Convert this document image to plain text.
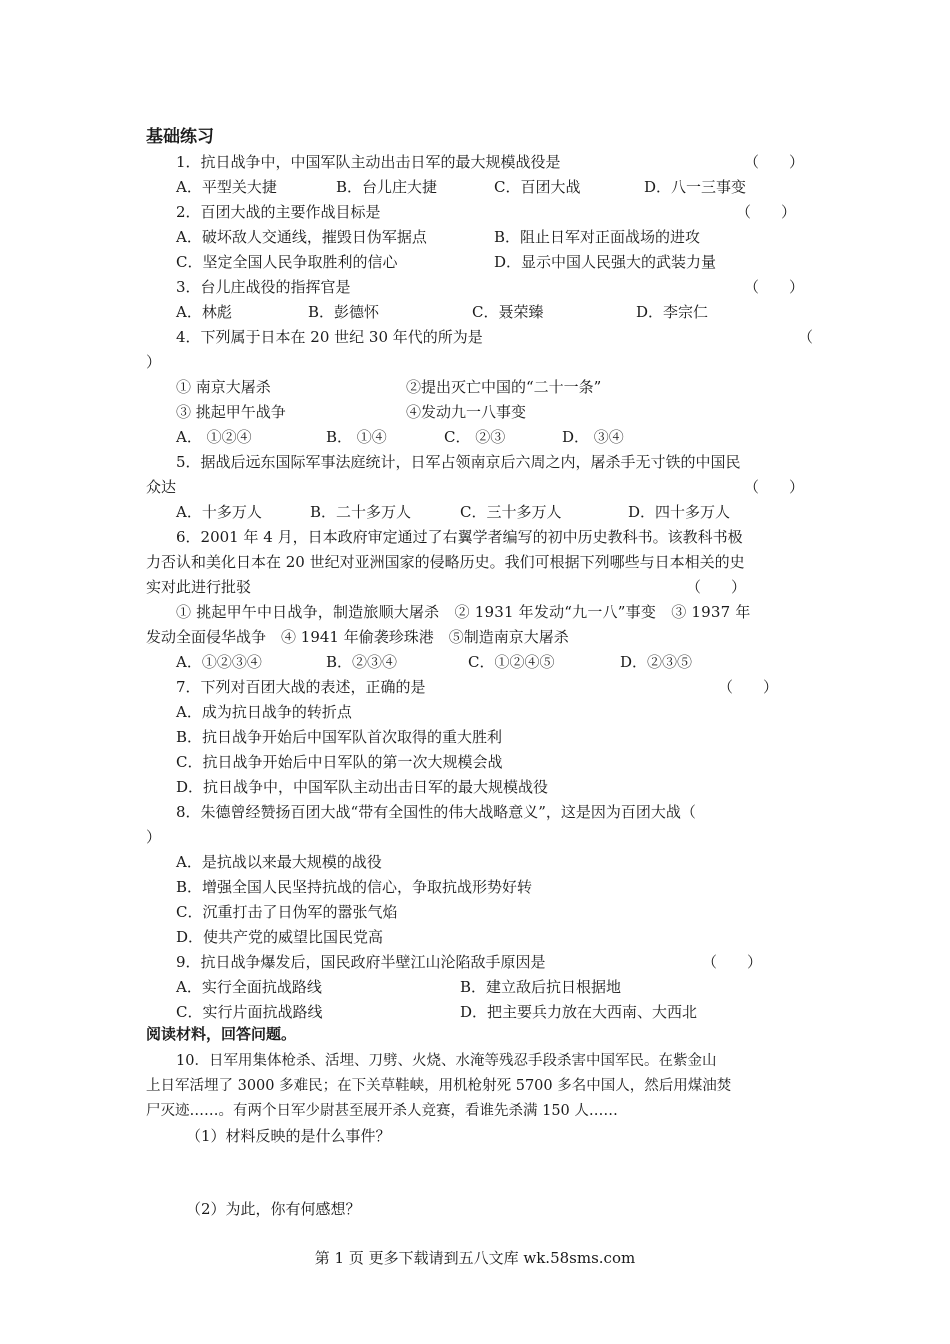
基础练习
1．抗日战争中，中国军队主动出击日军的最大规模战役是	（　　）
A．平型关大捷	B．台儿庄大捷	C．百团大战	D．八一三事变
2．百团大战的主要作战目标是	（　　）
A．破坏敌人交通线，摧毁日伪军据点	B．阻止日军对正面战场的进攻
C．坚定全国人民争取胜利的信心	D．显示中国人民强大的武装力量
3．台儿庄战役的指挥官是	（　　）
A．林彪	B．彭德怀	C．聂荣臻	D．李宗仁
4．下列属于日本在 20 世纪 30 年代的所为是	（
）
① 南京大屠杀	②提出灭亡中国的“二十一条”
③ 挑起甲午战争	④发动九一八事变
A． ①②④	B． ①④	C． ②③	D． ③④
5．据战后远东国际军事法庭统计，日军占领南京后六周之内，屠杀手无寸铁的中国民
众达	（　　）
A．十多万人	B．二十多万人	C．三十多万人	D．四十多万人
6．2001 年 4 月，日本政府审定通过了右翼学者编写的初中历史教科书。该教科书极
力否认和美化日本在 20 世纪对亚洲国家的侵略历史。我们可根据下列哪些与日本相关的史
实对此进行批驳	（　　）
① 挑起甲午中日战争，制造旅顺大屠杀　② 1931 年发动“九一八”事变　③ 1937 年
发动全面侵华战争　④ 1941 年偷袭珍珠港　⑤制造南京大屠杀
A．①②③④	B．②③④	C．①②④⑤	D．②③⑤
7．下列对百团大战的表述，正确的是	（　　）
A．成为抗日战争的转折点
B．抗日战争开始后中国军队首次取得的重大胜利
C．抗日战争开始后中日军队的第一次大规模会战
D．抗日战争中，中国军队主动出击日军的最大规模战役
8．朱德曾经赞扬百团大战“带有全国性的伟大战略意义”，这是因为百团大战（
）
A．是抗战以来最大规模的战役
B．增强全国人民坚持抗战的信心，争取抗战形势好转
C．沉重打击了日伪军的嚣张气焰
D．使共产党的威望比国民党高
9．抗日战争爆发后，国民政府半壁江山沦陷敌手原因是	（　　）
A．实行全面抗战路线	B．建立敌后抗日根据地
C．实行片面抗战路线	D．把主要兵力放在大西南、大西北
阅读材料，回答问题。
10．日军用集体枪杀、活埋、刀劈、火烧、水淹等残忍手段杀害中国军民。在紫金山
上日军活埋了 3000 多难民；在下关草鞋峡，用机枪射死 5700 多名中国人，然后用煤油焚
尸灭迹……。有两个日军少尉甚至展开杀人竞赛，看谁先杀满 150 人……
（1）材料反映的是什么事件？
（2）为此，你有何感想？
第 1 页 更多下载请到五八文库 wk.58sms.com
